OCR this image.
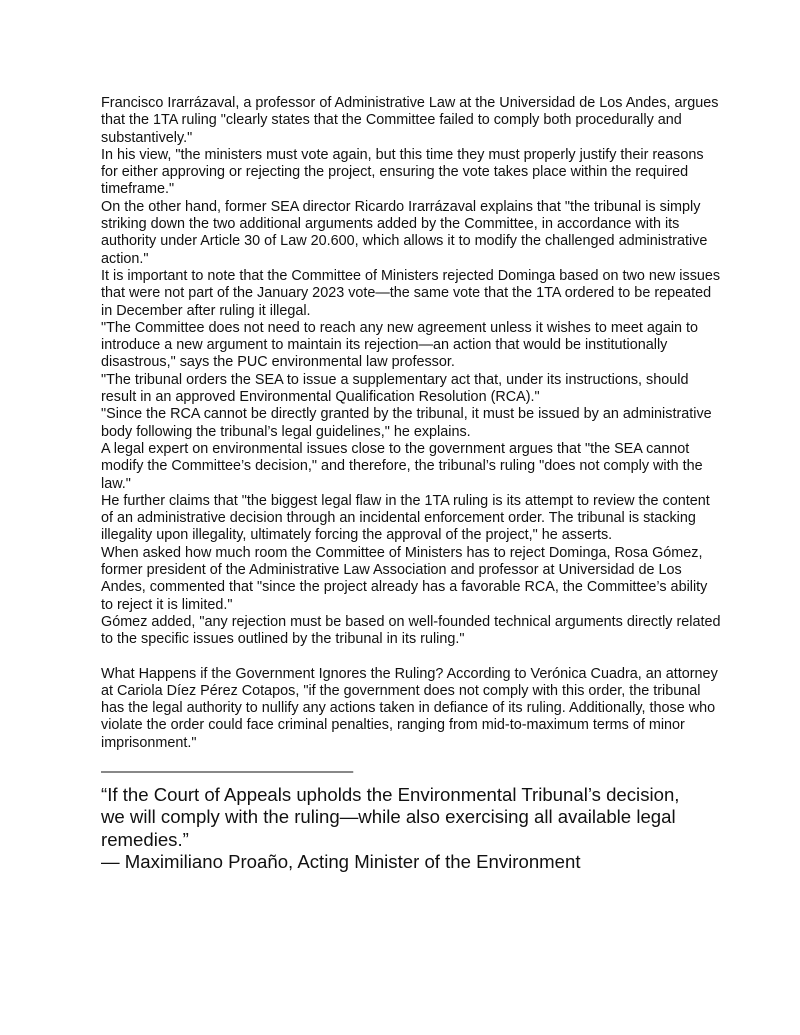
Francisco Irarrázaval, a professor of Administrative Law at the Universidad de Los Andes, argues that the 1TA ruling "clearly states that the Committee failed to comply both procedurally and substantively."

In his view, "the ministers must vote again, but this time they must properly justify their reasons for either approving or rejecting the project, ensuring the vote takes place within the required timeframe."

On the other hand, former SEA director Ricardo Irarrázaval explains that "the tribunal is simply striking down the two additional arguments added by the Committee, in accordance with its authority under Article 30 of Law 20.600, which allows it to modify the challenged administrative action."

It is important to note that the Committee of Ministers rejected Dominga based on two new issues that were not part of the January 2023 vote—the same vote that the 1TA ordered to be repeated in December after ruling it illegal.

"The Committee does not need to reach any new agreement unless it wishes to meet again to introduce a new argument to maintain its rejection—an action that would be institutionally disastrous," says the PUC environmental law professor.

"The tribunal orders the SEA to issue a supplementary act that, under its instructions, should result in an approved Environmental Qualification Resolution (RCA)."

"Since the RCA cannot be directly granted by the tribunal, it must be issued by an administrative body following the tribunal’s legal guidelines," he explains.

A legal expert on environmental issues close to the government argues that "the SEA cannot modify the Committee’s decision," and therefore, the tribunal’s ruling "does not comply with the law."

He further claims that "the biggest legal flaw in the 1TA ruling is its attempt to review the content of an administrative decision through an incidental enforcement order. The tribunal is stacking illegality upon illegality, ultimately forcing the approval of the project," he asserts.

When asked how much room the Committee of Ministers has to reject Dominga, Rosa Gómez, former president of the Administrative Law Association and professor at Universidad de Los Andes, commented that "since the project already has a favorable RCA, the Committee’s ability to reject it is limited."

Gómez added, "any rejection must be based on well-founded technical arguments directly related to the specific issues outlined by the tribunal in its ruling."

What Happens if the Government Ignores the Ruling? According to Verónica Cuadra, an attorney at Cariola Díez Pérez Cotapos, "if the government does not comply with this order, the tribunal has the legal authority to nullify any actions taken in defiance of its ruling. Additionally, those who violate the order could face criminal penalties, ranging from mid-to-maximum terms of minor imprisonment."

——————————————————

“If the Court of Appeals upholds the Environmental Tribunal’s decision, we will comply with the ruling—while also exercising all available legal remedies.”

— Maximiliano Proaño, Acting Minister of the Environment
